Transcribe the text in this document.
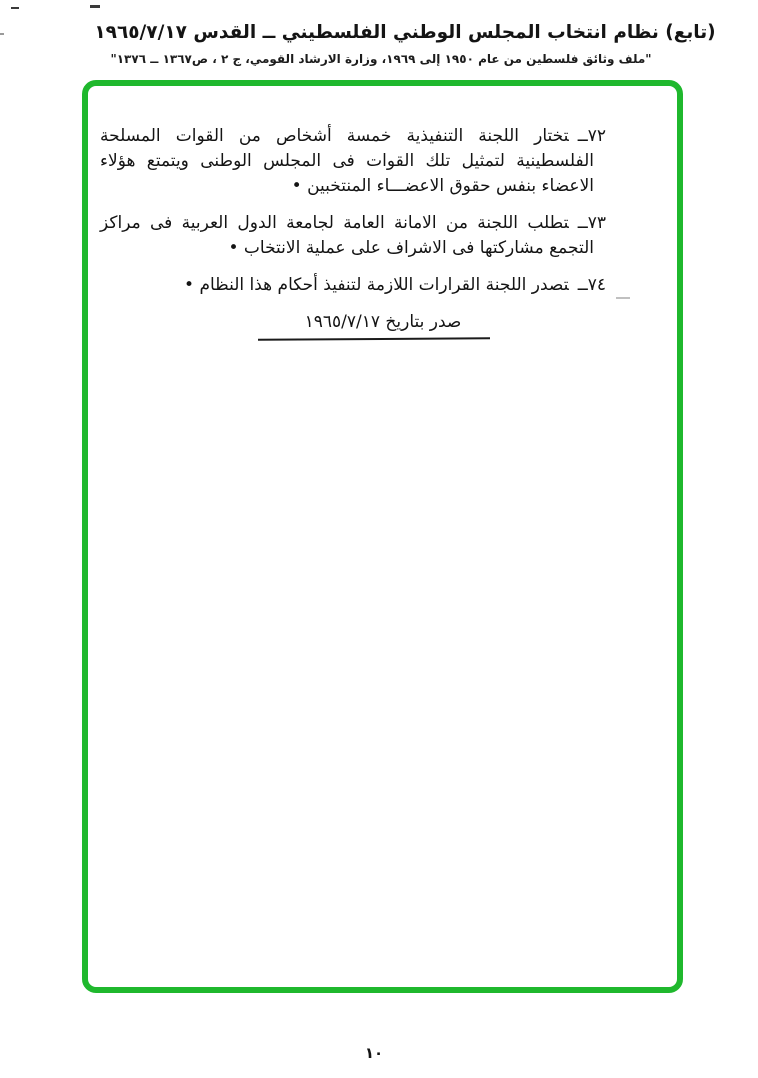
(تابع) نظام انتخاب المجلس الوطني الفلسطيني ــ القدس ١٩٦٥/٧/١٧
"ملف وثائق فلسطين من عام ١٩٥٠ إلى ١٩٦٩، وزارة الارشاد القومي، ج ٢ ، ص١٣٦٧ ــ ١٣٧٦"
٧٢ــتختار اللجنة التنفيذية خمسة أشخاص من القوات المسلحة الفلسطينية لتمثيل تلك القوات فى المجلس الوطنى ويتمتع هؤلاء الاعضاء بنفس حقوق الاعضـــاء المنتخبين •
٧٣ــتطلب اللجنة من الامانة العامة لجامعة الدول العربية فى مراكز التجمع مشاركتها فى الاشراف على عملية الانتخاب •
٧٤ــتصدر اللجنة القرارات اللازمة لتنفيذ أحكام هذا النظام •
صدر بتاريخ ١٩٦٥/٧/١٧
١٠
